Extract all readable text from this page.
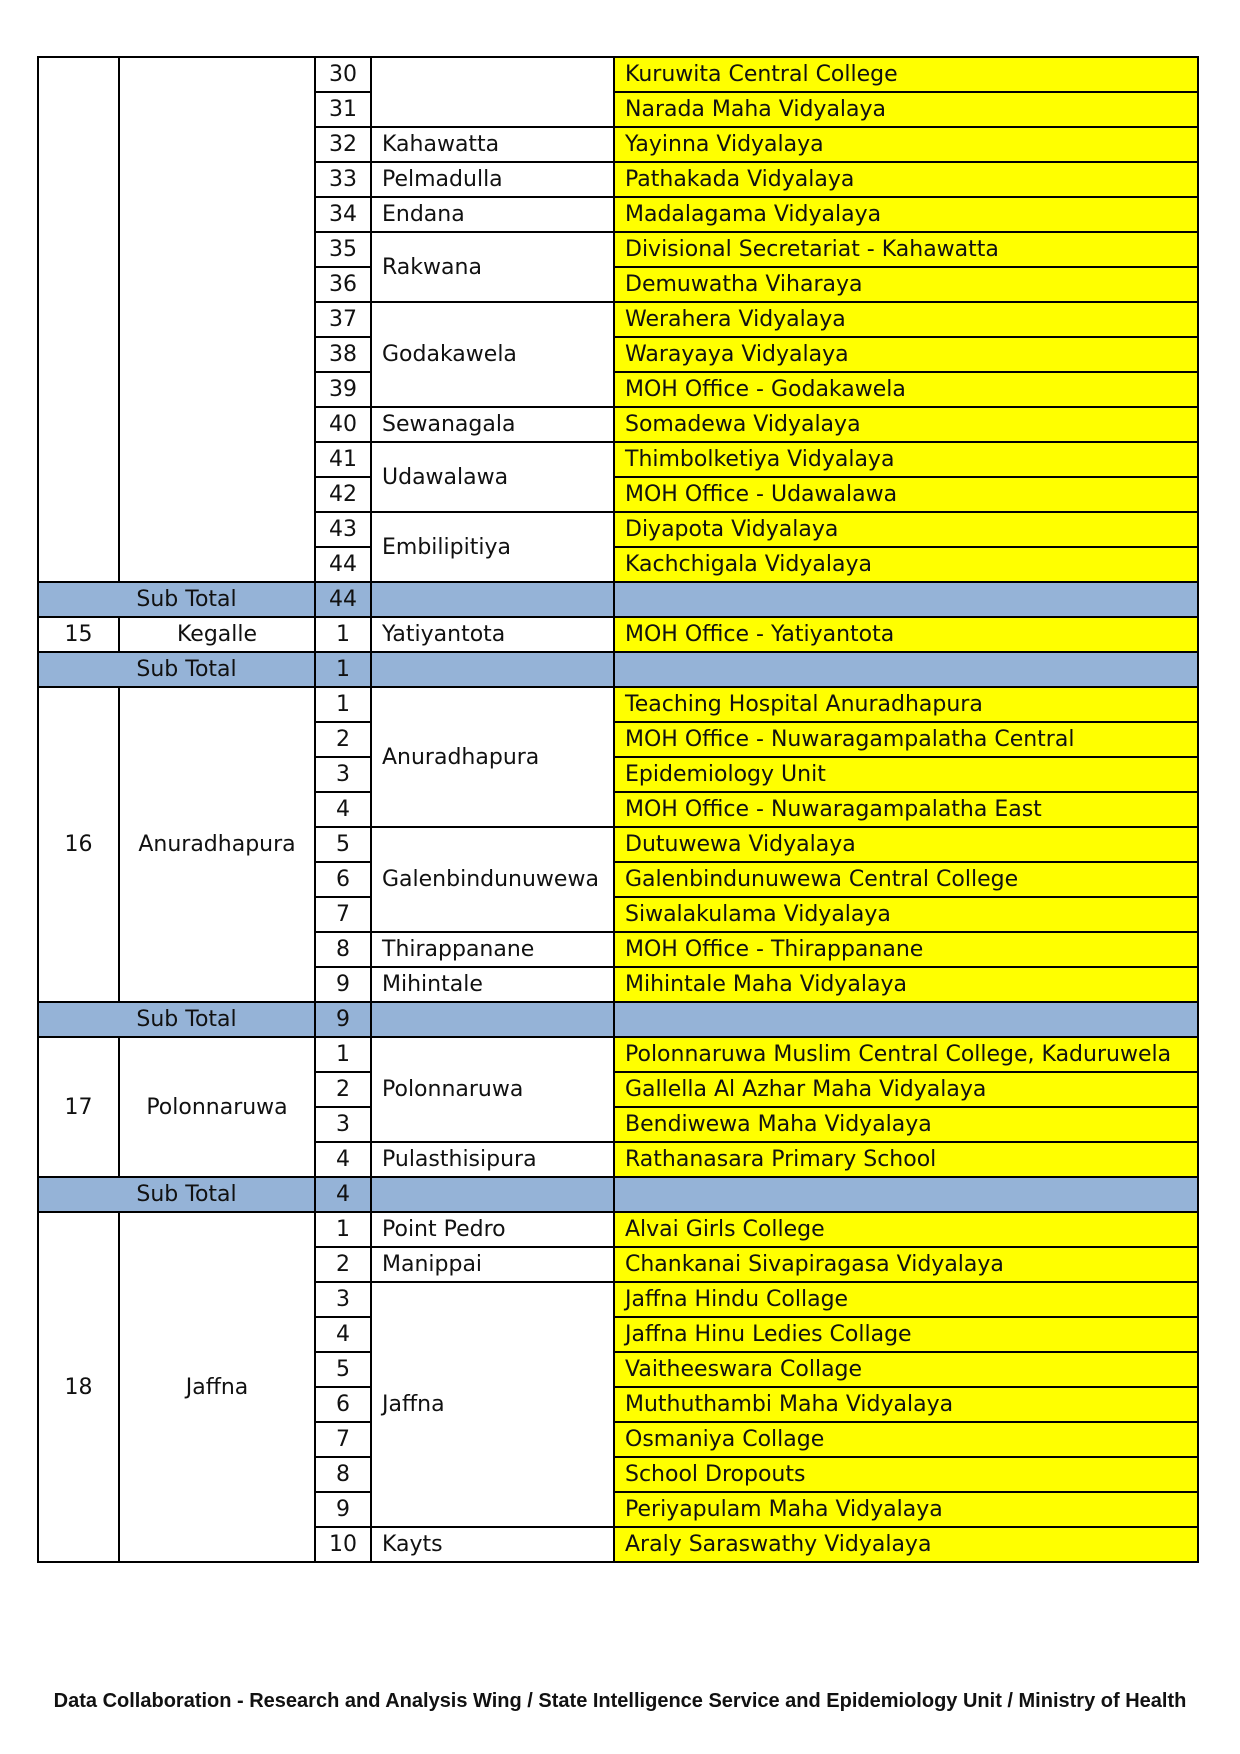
		30		Kuruwita Central College
		31		Narada Maha Vidyalaya
		32	Kahawatta	Yayinna Vidyalaya
		33	Pelmadulla	Pathakada Vidyalaya
		34	Endana	Madalagama Vidyalaya
		35	Rakwana	Divisional Secretariat - Kahawatta
		36		Demuwatha Viharaya
		37	Godakawela	Werahera Vidyalaya
		38		Warayaya Vidyalaya
		39		MOH Office - Godakawela
		40	Sewanagala	Somadewa Vidyalaya
		41	Udawalawa	Thimbolketiya Vidyalaya
		42		MOH Office - Udawalawa
		43	Embilipitiya	Diyapota Vidyalaya
		44		Kachchigala Vidyalaya
Sub Total		44		
15	Kegalle	1	Yatiyantota	MOH Office - Yatiyantota
Sub Total		1		
16	Anuradhapura	1	Anuradhapura	Teaching Hospital Anuradhapura
		2		MOH Office - Nuwaragampalatha Central
		3		Epidemiology Unit
		4		MOH Office - Nuwaragampalatha East
		5	Galenbindunuwewa	Dutuwewa Vidyalaya
		6		Galenbindunuwewa Central College
		7		Siwalakulama Vidyalaya
		8	Thirappanane	MOH Office - Thirappanane
		9	Mihintale	Mihintale Maha Vidyalaya
Sub Total		9		
17	Polonnaruwa	1	Polonnaruwa	Polonnaruwa Muslim Central College, Kaduruwela
		2		Gallella Al Azhar Maha Vidyalaya
		3		Bendiwewa Maha Vidyalaya
		4	Pulasthisipura	Rathanasara Primary School
Sub Total		4		
18	Jaffna	1	Point Pedro	Alvai Girls College
		2	Manippai	Chankanai Sivapiragasa Vidyalaya
		3	Jaffna	Jaffna Hindu Collage
		4		Jaffna Hinu Ledies Collage
		5		Vaitheeswara Collage
		6		Muthuthambi Maha Vidyalaya
		7		Osmaniya Collage
		8		School Dropouts
		9		Periyapulam Maha Vidyalaya
		10	Kayts	Araly Saraswathy Vidyalaya
Data Collaboration - Research and Analysis Wing / State Intelligence Service and Epidemiology Unit / Ministry of Health
